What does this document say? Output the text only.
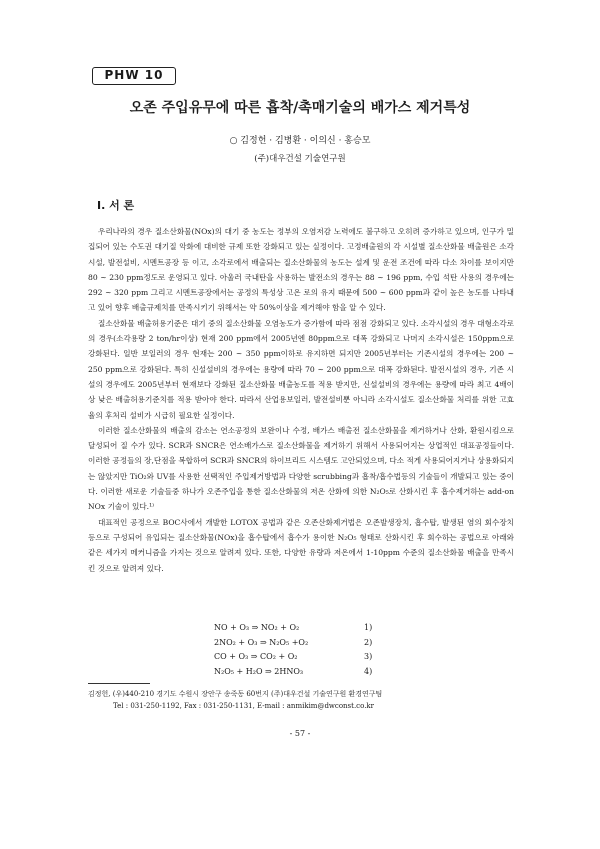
PHW 10
오존 주입유무에 따른 흡착/촉매기술의 배가스 제거특성
○ 김정헌 · 김병환 · 이의신 · 홍승모
(주)대우건설 기술연구원
I. 서 론

우리나라의 경우 질소산화물(NOx)의 대기 중 농도는 정부의 오염저감 노력에도 불구하고 오히려 증가하고 있으며, 인구가 밀집되어 있는 수도권 대기질 악화에 대비한 규제 또한 강화되고 있는 실정이다. 고정배출원의 각 시설별 질소산화물 배출원은 소각시설, 발전설비, 시멘트공장 등 이고, 소각로에서 배출되는 질소산화물의 농도는 설계 및 운전 조건에 따라 다소 차이를 보이지만 80 ~ 230 ppm정도로 운영되고 있다. 아울러 국내탄을 사용하는 발전소의 경우는 88 ~ 196 ppm, 수입 석탄 사용의 경우에는 292 ~ 320 ppm 그리고 시멘트공장에서는 공정의 특성상 고온 로의 유지 때문에 500 ~ 600 ppm과 같이 높은 농도를 나타내고 있어 향후 배출규제치를 만족시키기 위해서는 약 50%이상을 제거해야 함을 알 수 있다.

질소산화물 배출허용기준은 대기 중의 질소산화물 오염농도가 증가함에 따라 점점 강화되고 있다. 소각시설의 경우 대형소각로의 경우(소각용량 2 ton/hr이상) 현재 200 ppm에서 2005년엔 80ppm으로 대폭 강화되고 나머지 소각시설은 150ppm으로 강화된다. 일반 보일러의 경우 현재는 200 ~ 350 ppm이하로 유지하면 되지만 2005년부터는 기존시설의 경우에는 200 ~ 250 ppm으로 강화된다. 특히 신설설비의 경우에는 용량에 따라 70 ~ 200 ppm으로 대폭 강화된다. 발전시설의 경우, 기존 시설의 경우에도 2005년부터 현재보다 강화된 질소산화물 배출농도를 적용 받지만, 신설설비의 경우에는 용량에 따라 최고 4배이상 낮은 배출허용기준치를 적용 받아야 한다. 따라서 산업용보일러, 발전설비뿐 아니라 소각시설도 질소산화물 처리를 위한 고효율의 후처리 설비가 시급히 필요한 실정이다.

이러한 질소산화물의 배출의 감소는 연소공정의 보완이나 수정, 배가스 배출전 질소산화물을 제거하거나 산화, 환원시킴으로 달성되어 질 수가 있다. SCR과 SNCR은 연소배가스로 질소산화물을 제거하기 위해서 사용되어지는 상업적인 대표공정들이다. 이러한 공정들의 장,단점을 복합하여 SCR과 SNCR의 하이브리드 시스템도 고안되었으며, 다소 적게 사용되어지거나 상용화되지는 않았지만 TiO₂와 UV를 사용한 선택적인 주입제거방법과 다양한 scrubbing과 흡착/흡수법등의 기술들이 개발되고 있는 중이다. 이러한 새로운 기술들중 하나가 오존주입을 통한 질소산화물의 저온 산화에 의한 N₂O₅로 산화시킨 후 흡수제거하는 add-on NOx 기술이 있다.¹⁾

대표적인 공정으로 BOC사에서 개발한 LOTOX 공법과 같은 오존산화제거법은 오존발생장치, 흡수탑, 발생된 염의 회수장치등으로 구성되어 유입되는 질소산화물(NOx)을 흡수탑에서 흡수가 용이한 N₂O₅ 형태로 산화시킨 후 회수하는 공법으로 아래와 같은 세가지 메커니즘을 가지는 것으로 알려져 있다. 또한, 다양한 유량과 저온에서 1-10ppm 수준의 질소산화물 배출을 만족시킨 것으로 알려져 있다.

NO + O₃ ⇒ NO₂ + O₂	1)
2NO₂ + O₃ ⇒ N₂O₅ +O₂	2)
CO + O₃ ⇒ CO₂ + O₂	3)
N₂O₅ + H₂O ⇒ 2HNO₃	4)
김정헌, (우)440-210 경기도 수원시 장안구 송죽동 60번지 (주)대우건설 기술연구원 환경연구팀
Tel : 031-250-1192, Fax : 031-250-1131, E-mail : anmikim@dwconst.co.kr
- 57 -
